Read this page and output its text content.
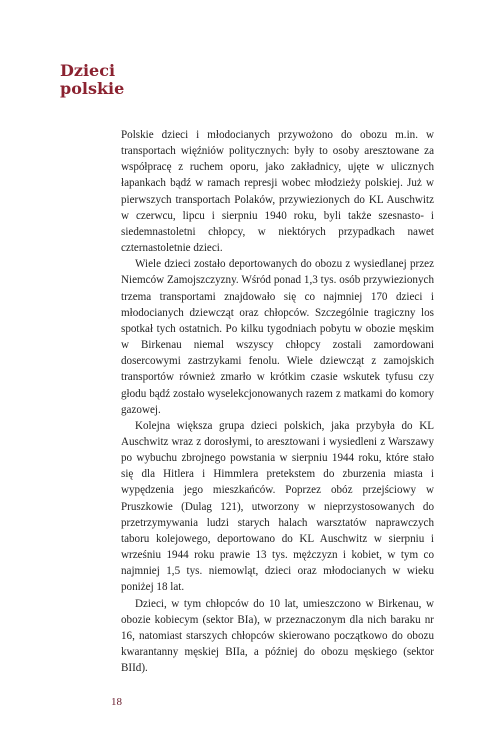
Dzieci
polskie

Polskie dzieci i młodocianych przywożono do obozu m.in. w transportach więźniów politycznych: były to osoby aresztowane za współpracę z ruchem oporu, jako zakładnicy, ujęte w ulicznych łapankach bądź w ramach represji wobec młodzieży polskiej. Już w pierwszych transportach Polaków, przywiezionych do KL Auschwitz w czerwcu, lipcu i sierpniu 1940 roku, byli także szesnasto- i siedemnastoletni chłopcy, w niektórych przypadkach nawet czternastoletnie dzieci.

Wiele dzieci zostało deportowanych do obozu z wysiedlanej przez Niemców Zamojszczyzny. Wśród ponad 1,3 tys. osób przywiezionych trzema transportami znajdowało się co najmniej 170 dzieci i młodocianych dziewcząt oraz chłopców. Szczególnie tragiczny los spotkał tych ostatnich. Po kilku tygodniach pobytu w obozie męskim w Birkenau niemal wszyscy chłopcy zostali zamordowani dosercowymi zastrzykami fenolu. Wiele dziewcząt z zamojskich transportów również zmarło w krótkim czasie wskutek tyfusu czy głodu bądź zostało wyselekcjonowanych razem z matkami do komory gazowej.

Kolejna większa grupa dzieci polskich, jaka przybyła do KL Auschwitz wraz z dorosłymi, to aresztowani i wysiedleni z Warszawy po wybuchu zbrojnego powstania w sierpniu 1944 roku, które stało się dla Hitlera i Himmlera pretekstem do zburzenia miasta i wypędzenia jego mieszkańców. Poprzez obóz przejściowy w Pruszkowie (Dulag 121), utworzony w nieprzystosowanych do przetrzymywania ludzi starych halach warsztatów naprawczych taboru kolejowego, deportowano do KL Auschwitz w sierpniu i wrześniu 1944 roku prawie 13 tys. mężczyzn i kobiet, w tym co najmniej 1,5 tys. niemowląt, dzieci oraz młodocianych w wieku poniżej 18 lat.

Dzieci, w tym chłopców do 10 lat, umieszczono w Birkenau, w obozie kobiecym (sektor BIa), w przeznaczonym dla nich baraku nr 16, natomiast starszych chłopców skierowano początkowo do obozu kwarantanny męskiej BIIa, a później do obozu męskiego (sektor BIId).

18
